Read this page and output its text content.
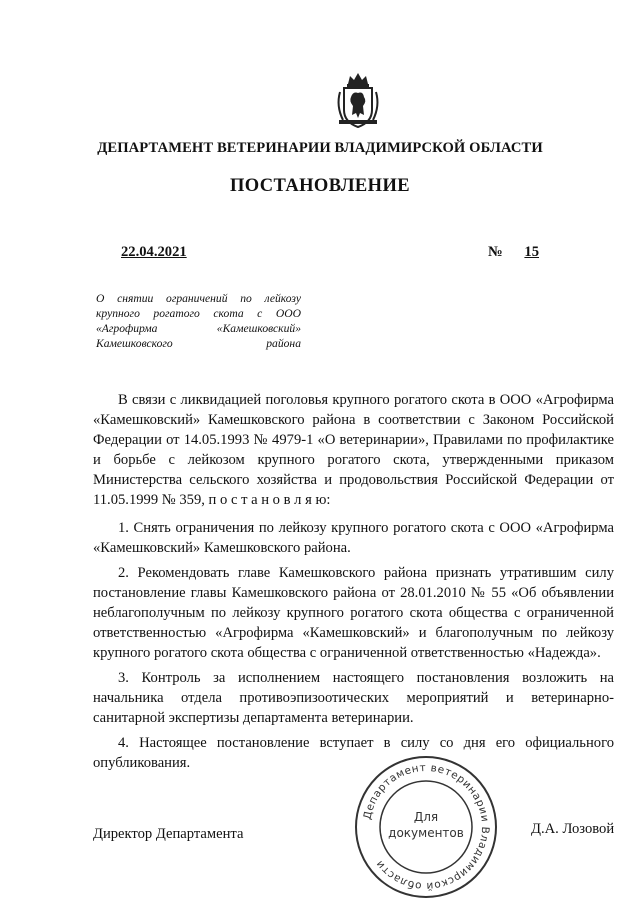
ДЕПАРТАМЕНТ ВЕТЕРИНАРИИ ВЛАДИМИРСКОЙ ОБЛАСТИ
ПОСТАНОВЛЕНИЕ
22.04.2021	№	15
О снятии ограничений по лейкозу крупного рогатого скота с ООО «Агрофирма «Камешковский» Камешковского района

В связи с ликвидацией поголовья крупного рогатого скота в ООО «Агрофирма «Камешковский» Камешковского района в соответствии с Законом Российской Федерации от 14.05.1993 № 4979-1 «О ветеринарии», Правилами по профилактике и борьбе с лейкозом крупного рогатого скота, утвержденными приказом Министерства сельского хозяйства и продовольствия Российской Федерации от 11.05.1999 № 359, п о с т а н о в л я ю:

1. Снять ограничения по лейкозу крупного рогатого скота с ООО «Агрофирма «Камешковский» Камешковского района.

2. Рекомендовать главе Камешковского района признать утратившим силу постановление главы Камешковского района от 28.01.2010 № 55 «Об объявлении неблагополучным по лейкозу крупного рогатого скота общества с ограниченной ответственностью «Агрофирма «Камешковский» и благополучным по лейкозу крупного рогатого скота общества с ограниченной ответственностью «Надежда».

3. Контроль за исполнением настоящего постановления возложить на начальника отдела противоэпизоотических мероприятий и ветеринарно-санитарной экспертизы департамента ветеринарии.

4. Настоящее постановление вступает в силу со дня его официального опубликования.

Директор Департамента	Д.А. Лозовой
Департамент ветеринарии Владимирской области
Для
документов
